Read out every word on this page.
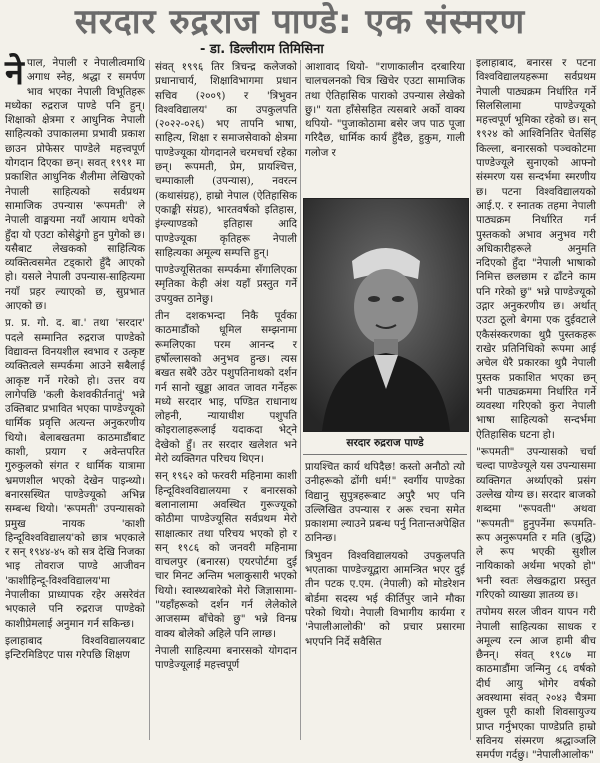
सरदार रुद्रराज पाण्डे: एक संस्मरण
- डा. डिल्लीराम तिमिसिना
ने पाल, नेपाली र नेपालीत्वमाथि अगाध स्नेह, श्रद्धा र समर्पण भाव भएका नेपाली विभूतिहरू मध्येका रुद्रराज पाण्डे पनि हुन्। शिक्षाको क्षेत्रमा र आधुनिक नेपाली साहित्यको उपाकालमा प्रभावी प्रकाश छाउन प्रोफेसर पाण्डेले महत्त्वपूर्ण योगदान दिएका छन्। सवत् १९९१ मा प्रकाशित आधुनिक शैलीमा लेखिएको नेपाली साहित्यको सर्वप्रथम सामाजिक उपन्यास 'रूपमती' ले नेपाली वाङ्मयमा नयाँ आयाम थपेको हुँदा यो एउटा कोसेढुंगो हुन पुगेको छ। यसैबाट लेखकको साहित्यिक व्यक्तित्वसमेत टड्कारो हुँदै आएको हो। यसले नेपाली उपन्यास-साहित्यमा नयाँ प्रहर ल्याएको छ, सुप्रभात आएको छ।

प्र. प्र. गो. द. बा.' तथा 'सरदार' पदले सम्मानित रुद्रराज पाण्डेको विद्यावन्त विनयशील स्वभाव र उत्कृष्ट व्यक्तित्वले सम्पर्कमा आउने सबैलाई आकृष्ट गर्ने गरेको हो। उत्तर वय लागेपछि 'कली केशवकीर्तनातुं' भन्ने उक्तिबाट प्रभावित भएका पाण्डेज्यूको धार्मिक प्रवृत्ति अत्यन्त अनुकरणीय थियो। बेलाबखतमा काठमाडौंबाट काशी, प्रयाग र अवेन्तपरित गुरुकुलको संगत र धार्मिक यात्रामा भ्रमणशील भएको देखेन पाइन्थ्यो। बनारसस्थित पाण्डेज्यूको अभिन्न सम्बन्ध थियो। 'रूपमती' उपन्यासको प्रमुख नायक 'काशी हिन्दूविश्वविद्यालय'को छात्र भएकाले र सन् १९४४-४५ को सत्र देखि निजका भाइ तोवराज पाण्डे आजीवन 'काशीहिन्दू-विश्वविद्यालय'मा नेपालीका प्राध्यापक रहेर असरेवंत भएकाले पनि रुद्रराज पाण्डेको काशीप्रेमलाई अनुमान गर्न सकिन्छ।

इलाहाबाद विश्वविद्यालयबाट इन्टिरमिडिएट पास गरेपछि शिक्षण

संवत् १९९६ तिर त्रिचन्द्र कलेजको प्रधानाचार्य, शिक्षाविभागमा प्रधान सचिव (२००९) र 'त्रिभुवन विश्वविद्यालय' का उपकुलपति (२०२२-०२६) भए तापनि भाषा, साहित्य, शिक्षा र समाजसेवाको क्षेत्रमा पाण्डेज्यूका योगदानले चरमचर्चा रहेका छन्। रूपमती, प्रेम, प्रायश्चित्त, चम्पाकाली (उपन्यास), नवरत्न (कथासंग्रह), हाम्रो नेपाल (ऐतिहासिक एकाङ्की संग्रह), भारतवर्षको इतिहास, इंग्ल्याण्डको इतिहास आदि पाण्डेज्यूका कृतिहरू नेपाली साहित्यका अमूल्य सम्पत्ति हुन्।

पाण्डेज्यूसितका सम्पर्कमा सँगालिएका स्मृतिका केही अंश यहाँ प्रस्तुत गर्ने उपयुक्त ठानेछु।

तीन दशकभन्दा निकै पूर्वका काठमाडौंको धूमिल सम्झनामा रूमलिएका परम आनन्द र हर्षोल्लासको अनुभव हुन्छ। त्यस बखत सबेरै उठेर पशुपतिनाथको दर्शन गर्न सानो खुड्डा आवत जावत गर्नेहरू मध्ये सरदार भाइ, पण्डित राधानाथ लोहनी, न्यायाधीश पशुपति कोइरालाहरूलाई यदाकदा भेट्ने देखेको हुँ। तर सरदार खलेशत भने मेरो व्यक्तिगत परिचय थिएन।

सन् १९६२ को फरवरी महिनामा काशी हिन्दूविश्वविद्यालयमा र बनारसको बलानालामा अवस्थित गुरूज्यूको कोठीमा पाण्डेज्यूसित सर्वप्रथम मेरो साक्षात्कार तथा परिचय भएको हो र सन् १९८६ को जनवरी महिनामा वाचलपुर (बनारस) एयरपोर्टमा दुई चार मिनट अन्तिम भलाकुसारी भएको थियो। स्वास्थ्यबारेको मेरो जिज्ञासामा- "यहाँहरूको दर्शन गर्न लेलेकोले आजसम्म बाँचेको छु" भन्ने विनम्र वाक्य बोलेको अहिले पनि लाग्छ।

नेपाली साहित्यमा बनारसको योगदान पाण्डेज्यूलाई महत्त्वपूर्ण

आशावाद थियो- "राणाकालीन दरबारिया चालचलनको चित्र खिचेर एउटा सामाजिक तथा ऐतिहासिक पाराको उपन्यास लेखेको छु।" यता हाँसेसहित त्यसबारे अर्को वाक्य थपियो- "पुजाकोठामा बसेर जप पाठ पूजा गरिदैछ, धार्मिक कार्य हुँदैछ, हुकुम, गाली गलोज र

सरदार रुद्रराज पाण्डे

प्रायश्चित कार्य थपिदैछ! कस्तो अनौठो त्यो उनीहरूको ढोंगी धर्म!" स्वर्गीय पाण्डेका विद्यानु सुपुत्रहरूबाट अपुरै भए पनि उल्लिखित उपन्यास र अरू रचना समेत प्रकाशमा ल्याउने प्रबन्ध पर्नु नितान्तअपेक्षित ठानिन्छ।

त्रिभुवन विश्वविद्यालयको उपकुलपति भएताका पाण्डेज्यूद्वारा आमन्त्रित भएर दुई तीन पटक ए.एम. (नेपाली) को मोडरेशन बोर्डमा सदस्य भई कीर्तिपुर जाने मौका परेको थियो। नेपाली विभागीय कार्यमा र 'नेपालीआलोकी' को प्रचार प्रसारमा भएपनि निर्दे सवैसित

इलाहाबाद, बनारस र पटना विश्वविद्यालयहरूमा सर्वप्रथम नेपाली पाठ्यक्रम निर्धारित गर्ने सिलसिलामा पाण्डेज्यूको महत्त्वपूर्ण भूमिका रहेको छ। सन् १९२४ को आश्विनितिर चेतसिंह किल्ला, बनारसको पञ्चकोटमा पाण्डेज्यूले सुनाएको आफ्नो संस्मरण यस सन्दर्भमा स्मरणीय छ। पटना विश्वविद्यालयको आई.ए. र स्नातक तहमा नेपाली पाठ्यक्रम निर्धारित गर्न पुस्तकको अभाव अनुभव गरी अधिकारीहरूले अनुमति नदिएको हुँदा "नेपाली भाषाको निमित्त छलछाम र ढाँटने काम पनि गरेको छु" भन्ने पाण्डेज्यूको उद्गार अनुकरणीय छ। अर्थात् एउटा ठूलो बेगमा एक दुईवटाले एकैसंस्करणका थुप्रै पुस्तकहरू राखेर प्रतिनिधिको रूपमा आई अचेल धेरै प्रकारका थुप्रै नेपाली पुस्तक प्रकाशित भएका छन् भनी पाठ्यक्रममा निर्धारित गर्ने व्यवस्था गरिएको कुरा नेपाली भाषा साहित्यको सन्दर्भमा ऐतिहासिक घटना हो।

"रूपमती" उपन्यासको चर्चा चल्दा पाण्डेज्यूले यस उपन्यासमा व्यक्तिगत अर्थ्याएको प्रसंग उल्लेख योग्य छ। सरदार बाजको शब्दमा "रूपवती" अथवा "रूपमती" हुनुपर्नेमा रूपमति-रूप अनुरूपमति र मति (बुद्धि) ले रूप भएकी सुशील नायिकाको अर्थमा भएको हो" भनी स्वतः लेखकद्वारा प्रस्तुत गरिएको व्याख्या ज्ञातव्य छ।

तपोमय सरल जीवन यापन गरी नेपाली साहित्यका साधक र अमूल्य रत्न आज हामी बीच छैनन्। संवत् १९८७ मा काठमाडौंमा जन्मिनु ८६ वर्षको दीर्घ आयु भोगेर वर्षको अवस्थामा संवत् २०४३ चैत्रमा शुक्ल पूरी काशी शिवसायुज्य प्राप्त गर्नुभएका पाण्डेप्रति हाम्रो सविनय संस्मरण श्रद्धाञ्जलि समर्पण गर्दछु। "नेपालीआलोक"
